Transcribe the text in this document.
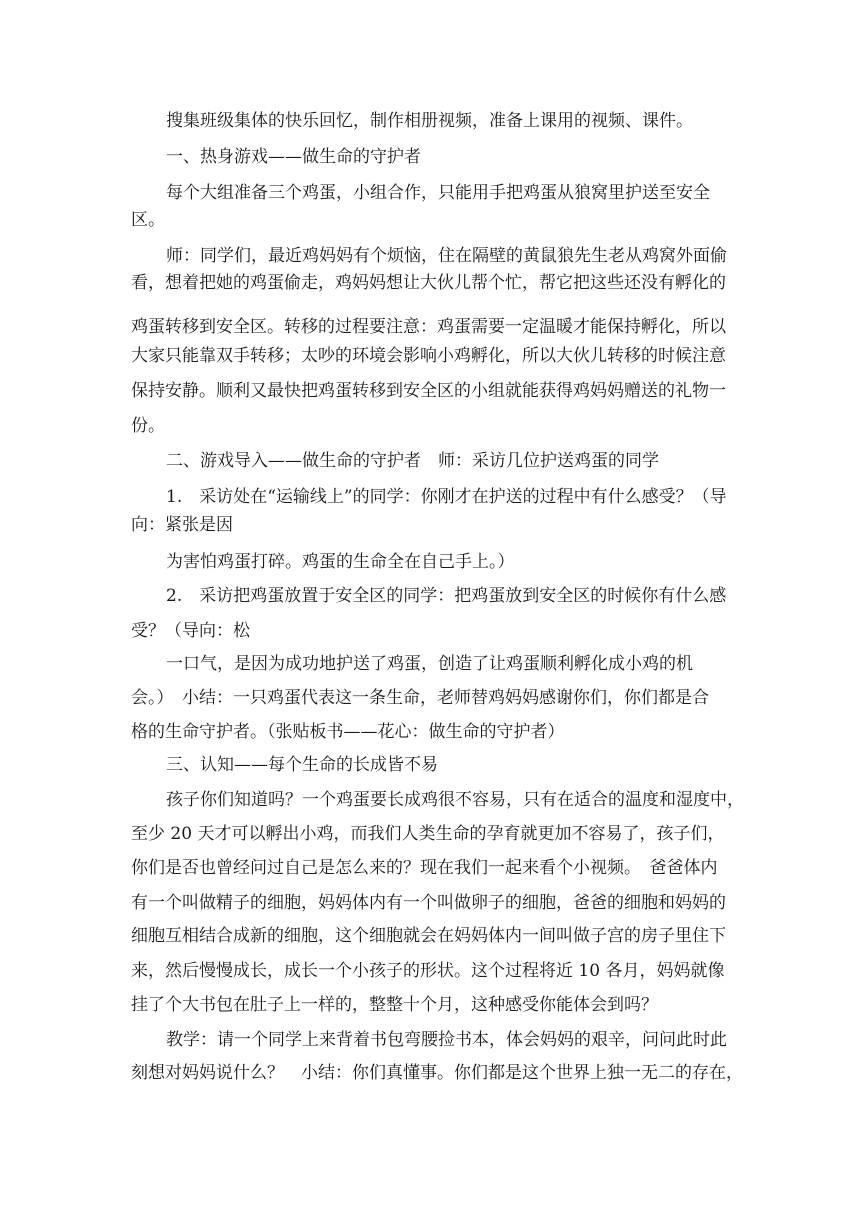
搜集班级集体的快乐回忆，制作相册视频，准备上课用的视频、课件。
一、热身游戏——做生命的守护者
每个大组准备三个鸡蛋，小组合作，只能用手把鸡蛋从狼窝里护送至安全
区。
师：同学们，最近鸡妈妈有个烦恼，住在隔壁的黄鼠狼先生老从鸡窝外面偷
看，想着把她的鸡蛋偷走，鸡妈妈想让大伙儿帮个忙，帮它把这些还没有孵化的
鸡蛋转移到安全区。转移的过程要注意：鸡蛋需要一定温暖才能保持孵化，所以
大家只能靠双手转移；太吵的环境会影响小鸡孵化，所以大伙儿转移的时候注意
保持安静。顺利又最快把鸡蛋转移到安全区的小组就能获得鸡妈妈赠送的礼物一
份。
二、游戏导入——做生命的守护者　师：采访几位护送鸡蛋的同学
1.　采访处在“运输线上”的同学：你刚才在护送的过程中有什么感受？（导
向：紧张是因
为害怕鸡蛋打碎。鸡蛋的生命全在自己手上。）
2.　采访把鸡蛋放置于安全区的同学：把鸡蛋放到安全区的时候你有什么感
受？（导向：松
一口气，是因为成功地护送了鸡蛋，创造了让鸡蛋顺利孵化成小鸡的机
会。）　小结：一只鸡蛋代表这一条生命，老师替鸡妈妈感谢你们，你们都是合
格的生命守护者。（张贴板书——花心：做生命的守护者）
三、认知——每个生命的长成皆不易
孩子你们知道吗？一个鸡蛋要长成鸡很不容易，只有在适合的温度和湿度中，
至少 20 天才可以孵出小鸡，而我们人类生命的孕育就更加不容易了，孩子们，
你们是否也曾经问过自己是怎么来的？现在我们一起来看个小视频。　爸爸体内
有一个叫做精子的细胞，妈妈体内有一个叫做卵子的细胞，爸爸的细胞和妈妈的
细胞互相结合成新的细胞，这个细胞就会在妈妈体内一间叫做子宫的房子里住下
来，然后慢慢成长，成长一个小孩子的形状。这个过程将近 10 各月，妈妈就像
挂了个大书包在肚子上一样的，整整十个月，这种感受你能体会到吗？
教学：请一个同学上来背着书包弯腰捡书本，体会妈妈的艰辛，问问此时此
刻想对妈妈说什么？　小结：你们真懂事。你们都是这个世界上独一无二的存在，
